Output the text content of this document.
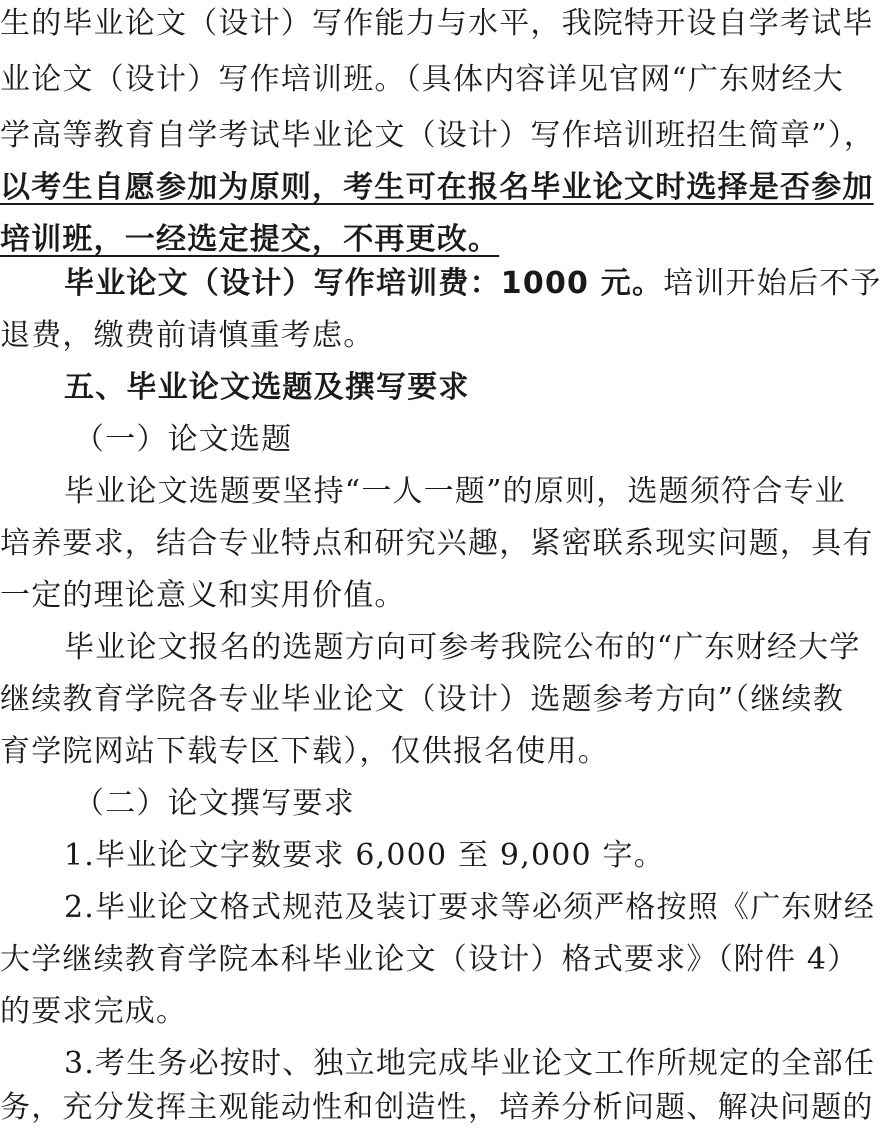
生的毕业论文（设计）写作能力与水平，我院特开设自学考试毕
业论文（设计）写作培训班。（具体内容详见官网“广东财经大
学高等教育自学考试毕业论文（设计）写作培训班招生简章”），
以考生自愿参加为原则，考生可在报名毕业论文时选择是否参加
培训班，一经选定提交，不再更改。
毕业论文（设计）写作培训费：1000 元。培训开始后不予
退费，缴费前请慎重考虑。
五、毕业论文选题及撰写要求
（一）论文选题
毕业论文选题要坚持“一人一题”的原则，选题须符合专业
培养要求，结合专业特点和研究兴趣，紧密联系现实问题，具有
一定的理论意义和实用价值。
毕业论文报名的选题方向可参考我院公布的“广东财经大学
继续教育学院各专业毕业论文（设计）选题参考方向”（继续教
育学院网站下载专区下载），仅供报名使用。
（二）论文撰写要求
1.毕业论文字数要求 6,000 至 9,000 字。
2.毕业论文格式规范及装订要求等必须严格按照《广东财经
大学继续教育学院本科毕业论文（设计）格式要求》（附件 4）
的要求完成。
3.考生务必按时、独立地完成毕业论文工作所规定的全部任
务，充分发挥主观能动性和创造性，培养分析问题、解决问题的
